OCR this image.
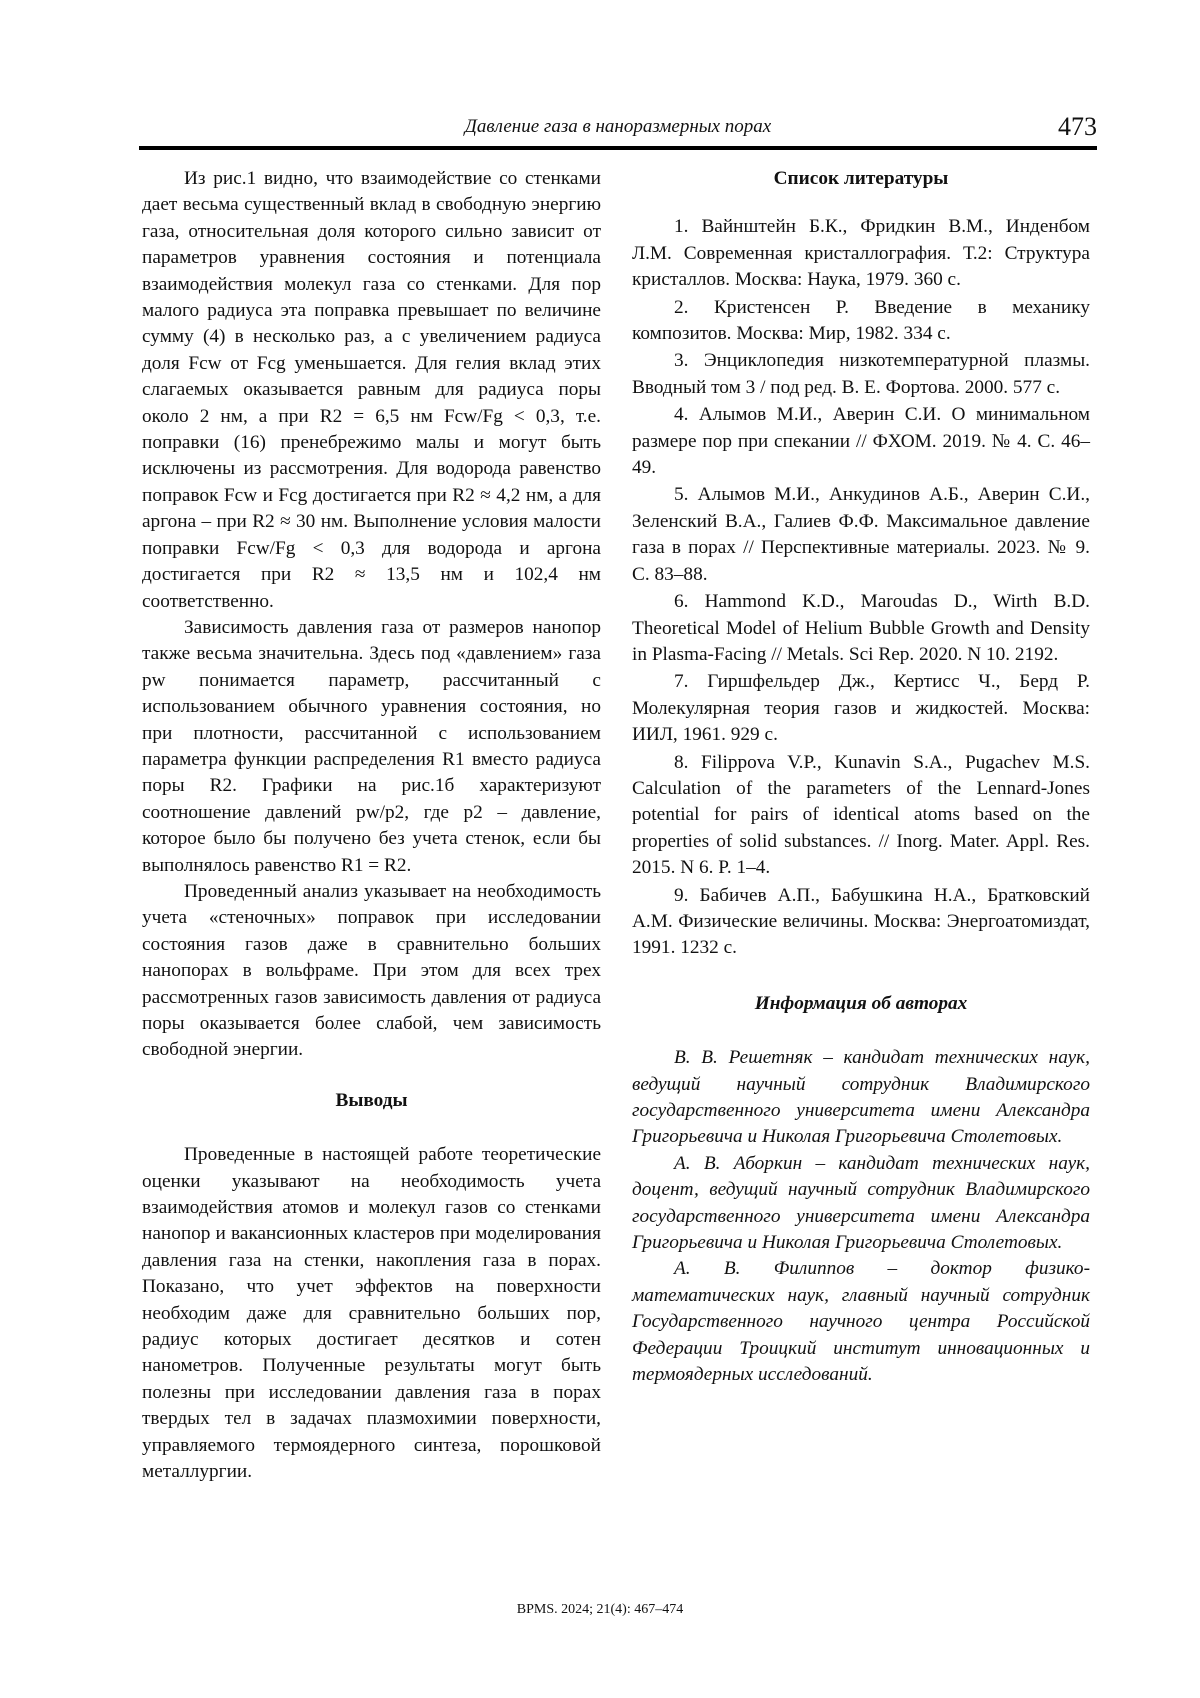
Давление газа в наноразмерных порах	473

Из рис.1 видно, что взаимодействие со стенками дает весьма существенный вклад в свободную энергию газа, относительная доля которого сильно зависит от параметров уравнения состояния и потенциала взаимодействия молекул газа со стенками. Для пор малого радиуса эта поправка превышает по величине сумму (4) в несколько раз, а с увеличением радиуса доля Fcw от Fcg уменьшается. Для гелия вклад этих слагаемых оказывается равным для радиуса поры около 2 нм, а при R2 = 6,5 нм Fcw/Fg < 0,3, т.е. поправки (16) пренебрежимо малы и могут быть исключены из рассмотрения. Для водорода равенство поправок Fcw и Fcg достигается при R2 ≈ 4,2 нм, а для аргона – при R2 ≈ 30 нм. Выполнение условия малости поправки Fcw/Fg < 0,3 для водорода и аргона достигается при R2 ≈ 13,5 нм и 102,4 нм соответственно.

Зависимость давления газа от размеров нанопор также весьма значительна. Здесь под «давлением» газа pw понимается параметр, рассчитанный с использованием обычного уравнения состояния, но при плотности, рассчитанной с использованием параметра функции распределения R1 вместо радиуса поры R2. Графики на рис.1б характеризуют соотношение давлений pw/p2, где p2 – давление, которое было бы получено без учета стенок, если бы выполнялось равенство R1 = R2.

Проведенный анализ указывает на необходимость учета «стеночных» поправок при исследовании состояния газов даже в сравнительно больших нанопорах в вольфраме. При этом для всех трех рассмотренных газов зависимость давления от радиуса поры оказывается более слабой, чем зависимость свободной энергии.

Выводы

Проведенные в настоящей работе теоретические оценки указывают на необходимость учета взаимодействия атомов и молекул газов со стенками нанопор и вакансионных кластеров при моделирования давления газа на стенки, накопления газа в порах. Показано, что учет эффектов на поверхности необходим даже для сравнительно больших пор, радиус которых достигает десятков и сотен нанометров. Полученные результаты могут быть полезны при исследовании давления газа в порах твердых тел в задачах плазмохимии поверхности, управляемого термоядерного синтеза, порошковой металлургии.

Список литературы

1. Вайнштейн Б.К., Фридкин В.М., Инденбом Л.М. Современная кристаллография. Т.2: Структура кристаллов. Москва: Наука, 1979. 360 с.

2. Кристенсен Р. Введение в механику композитов. Москва: Мир, 1982. 334 с.

3. Энциклопедия низкотемпературной плазмы. Вводный том 3 / под ред. В. Е. Фортова. 2000. 577 с.

4. Алымов М.И., Аверин С.И. О минимальном размере пор при спекании // ФХОМ. 2019. № 4. С. 46–49.

5. Алымов М.И., Анкудинов А.Б., Аверин С.И., Зеленский В.А., Галиев Ф.Ф. Максимальное давление газа в порах // Перспективные материалы. 2023. № 9. С. 83–88.

6. Hammond K.D., Maroudas D., Wirth B.D. Theoretical Model of Helium Bubble Growth and Density in Plasma-Facing // Metals. Sci Rep. 2020. N 10. 2192.

7. Гиршфельдер Дж., Кертисс Ч., Берд Р. Молекулярная теория газов и жидкостей. Москва: ИИЛ, 1961. 929 с.

8. Filippova V.P., Kunavin S.A., Pugachev M.S. Calculation of the parameters of the Lennard-Jones potential for pairs of identical atoms based on the properties of solid substances. // Inorg. Mater. Appl. Res. 2015. N 6. P. 1–4.

9. Бабичев А.П., Бабушкина Н.А., Братковский А.М. Физические величины. Москва: Энергоатомиздат, 1991. 1232 с.

Информация об авторах

В. В. Решетняк – кандидат технических наук, ведущий научный сотрудник Владимирского государственного университета имени Александра Григорьевича и Николая Григорьевича Столетовых.

А. В. Аборкин – кандидат технических наук, доцент, ведущий научный сотрудник Владимирского государственного университета имени Александра Григорьевича и Николая Григорьевича Столетовых.

А. В. Филиппов – доктор физико-математических наук, главный научный сотрудник Государственного научного центра Российской Федерации Троицкий институт инновационных и термоядерных исследований.

BPMS. 2024; 21(4): 467–474
